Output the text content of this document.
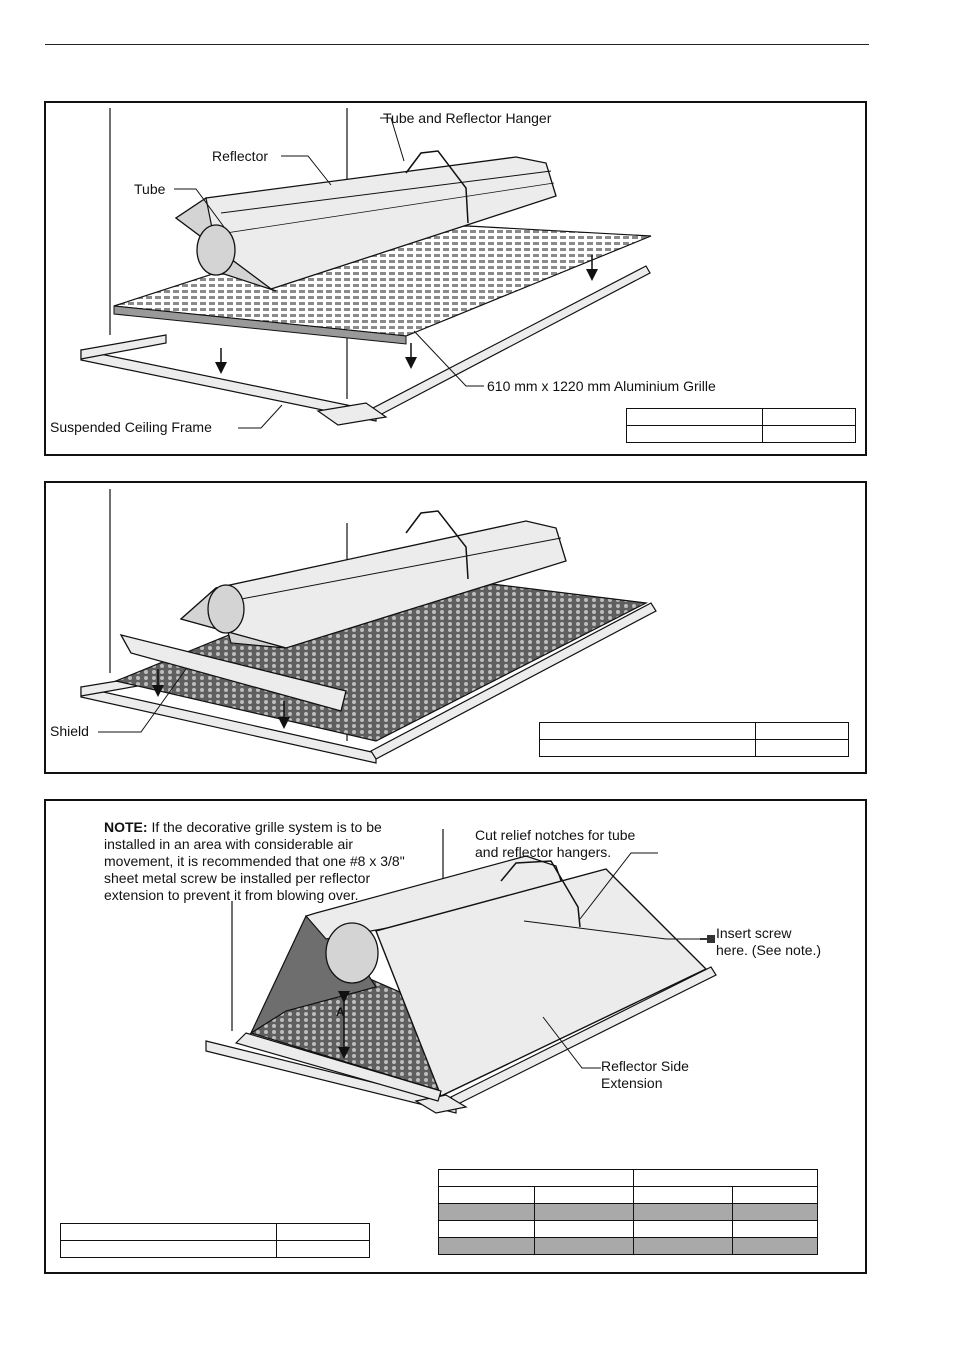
Tube and Reflector Hanger
Reflector
Tube
610 mm x 1220 mm Aluminium Grille
Suspended Ceiling Frame

Shield

NOTE: If the decorative grille system is to be installed in an area with considerable air movement, it is recommended that one #8 x 3/8" sheet metal screw be installed per reflector extension to prevent it from blowing over.
Cut relief notches for tube
and reflector hangers.
Insert screw
here. (See note.)
Reflector Side
Extension
A
